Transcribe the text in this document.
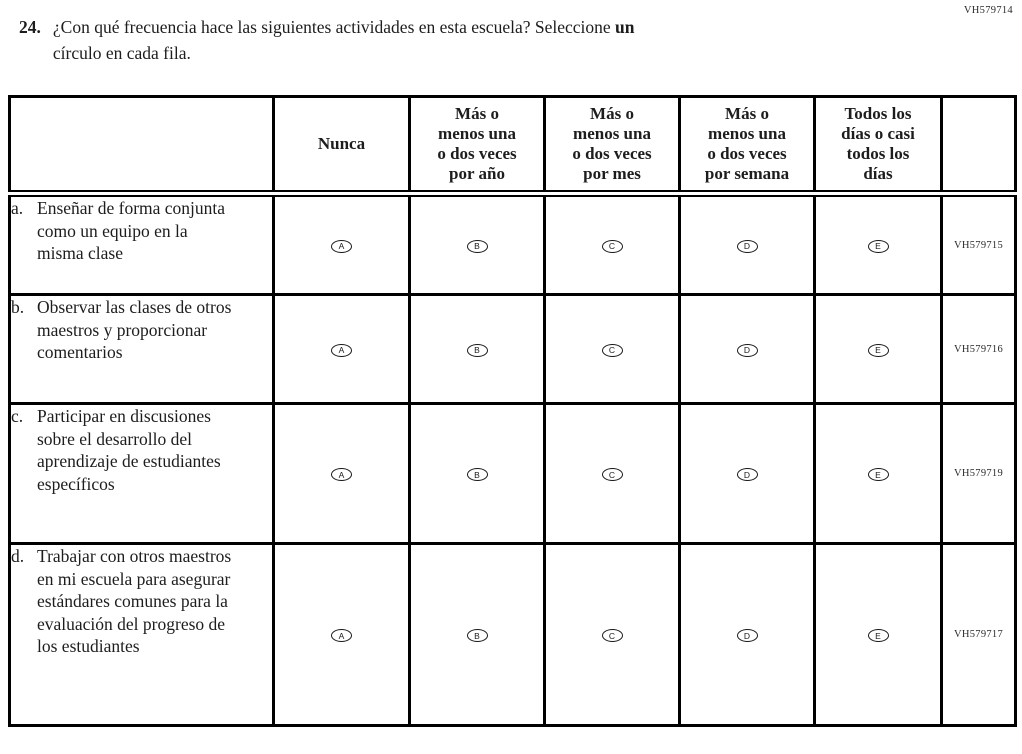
VH579714
24. ¿Con qué frecuencia hace las siguientes actividades en esta escuela? Seleccione un
círculo en cada fila.

	Nunca	Más o
menos una
o dos veces
por año	Más o
menos una
o dos veces
por mes	Más o
menos una
o dos veces
por semana	Todos los
días o casi
todos los
días	

a. Enseñar de forma conjunta como un equipo en la misma clase	A	B	C	D	E	VH579715

b. Observar las clases de otros maestros y proporcionar comentarios	A	B	C	D	E	VH579716

c. Participar en discusiones sobre el desarrollo del aprendizaje de estudiantes específicos	A	B	C	D	E	VH579719

d. Trabajar con otros maestros en mi escuela para asegurar estándares comunes para la evaluación del progreso de los estudiantes	A	B	C	D	E	VH579717
